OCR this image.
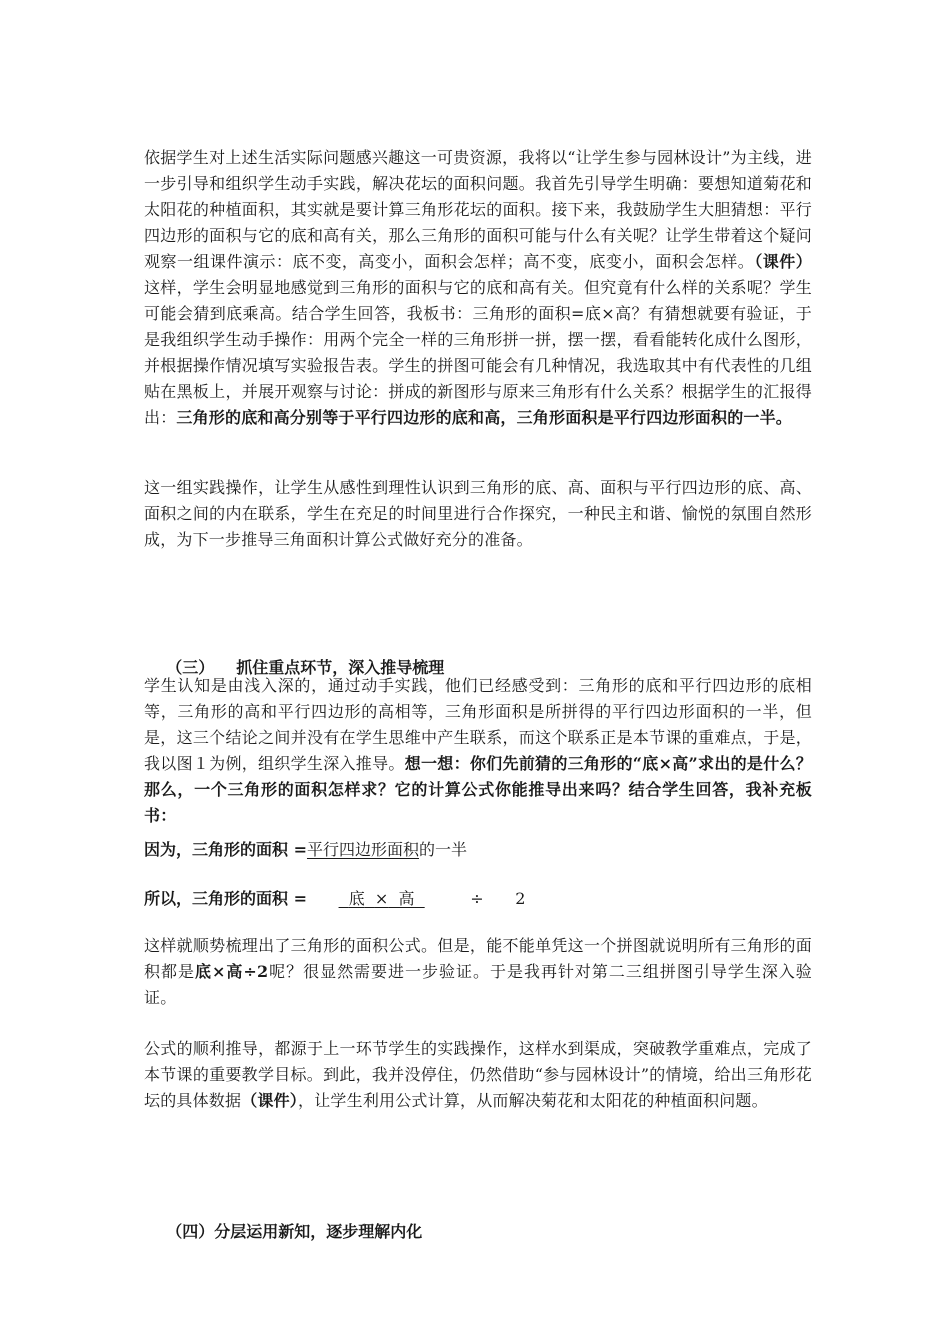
依据学生对上述生活实际问题感兴趣这一可贵资源，我将以“让学生参与园林设计”为主线，进一步引导和组织学生动手实践，解决花坛的面积问题。我首先引导学生明确：要想知道菊花和太阳花的种植面积，其实就是要计算三角形花坛的面积。接下来，我鼓励学生大胆猜想：平行四边形的面积与它的底和高有关，那么三角形的面积可能与什么有关呢？让学生带着这个疑问观察一组课件演示：底不变，高变小，面积会怎样；高不变，底变小，面积会怎样。（课件）这样，学生会明显地感觉到三角形的面积与它的底和高有关。但究竟有什么样的关系呢？学生可能会猜到底乘高。结合学生回答，我板书：三角形的面积=底×高？有猜想就要有验证，于是我组织学生动手操作：用两个完全一样的三角形拼一拼，摆一摆，看看能转化成什么图形，并根据操作情况填写实验报告表。学生的拼图可能会有几种情况，我选取其中有代表性的几组贴在黑板上，并展开观察与讨论：拼成的新图形与原来三角形有什么关系？根据学生的汇报得出：三角形的底和高分别等于平行四边形的底和高，三角形面积是平行四边形面积的一半。

这一组实践操作，让学生从感性到理性认识到三角形的底、高、面积与平行四边形的底、高、面积之间的内在联系，学生在充足的时间里进行合作探究，一种民主和谐、愉悦的氛围自然形成，为下一步推导三角面积计算公式做好充分的准备。

（三） 抓住重点环节，深入推导梳理

学生认知是由浅入深的，通过动手实践，他们已经感受到：三角形的底和平行四边形的底相等，三角形的高和平行四边形的高相等，三角形面积是所拼得的平行四边形面积的一半，但是，这三个结论之间并没有在学生思维中产生联系，而这个联系正是本节课的重难点，于是，我以图１为例，组织学生深入推导。想一想：你们先前猜的三角形的“底×高”求出的是什么？那么，一个三角形的面积怎样求？它的计算公式你能推导出来吗？结合学生回答，我补充板书：

因为，三角形的面积 =平行四边形面积的一半

所以，三角形的面积 =	底 × 高	÷ 2

这样就顺势梳理出了三角形的面积公式。但是，能不能单凭这一个拼图就说明所有三角形的面积都是底×高÷2呢？很显然需要进一步验证。于是我再针对第二三组拼图引导学生深入验证。

公式的顺利推导，都源于上一环节学生的实践操作，这样水到渠成，突破教学重难点，完成了本节课的重要教学目标。到此，我并没停住，仍然借助“参与园林设计”的情境，给出三角形花坛的具体数据（课件），让学生利用公式计算，从而解决菊花和太阳花的种植面积问题。

（四）分层运用新知，逐步理解内化
